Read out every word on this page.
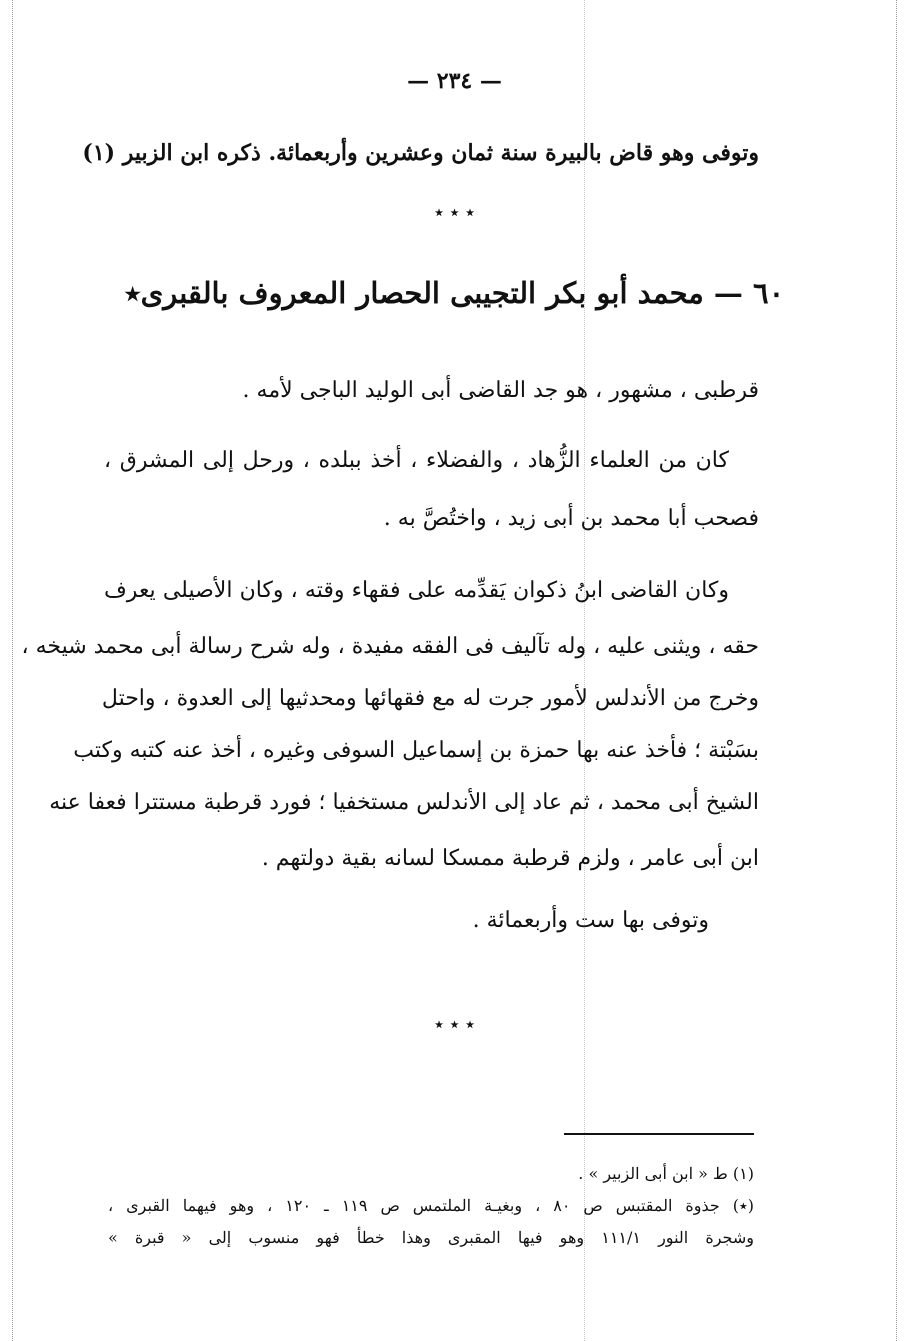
— ٢٣٤ —
وتوفى وهو قاض بالبيرة سنة ثمان وعشرين وأربعمائة. ذكره ابن الزبير (١)
٭ ٭ ٭
٦٠ — محمد أبو بكر التجيبى الحصار المعروف بالقبرى٭
قرطبى ، مشهور ، هو جد القاضى أبى الوليد الباجى لأمه .
كان من العلماء الزُّهاد ، والفضلاء ، أخذ ببلده ، ورحل إلى المشرق ،
فصحب أبا محمد بن أبى زيد ، واختُصَّ به .
وكان القاضى ابنُ ذكوان يَقدِّمه على فقهاء وقته ، وكان الأصيلى يعرف
حقه ، ويثنى عليه ، وله تآليف فى الفقه مفيدة ، وله شرح رسالة أبى محمد شيخه ،
وخرج من الأندلس لأمور جرت له مع فقهائها ومحدثيها إلى العدوة ، واحتل
بسَبْتة ؛ فأخذ عنه بها حمزة بن إسماعيل السوفى وغيره ، أخذ عنه كتبه وكتب
الشيخ أبى محمد ، ثم عاد إلى الأندلس مستخفيا ؛ فورد قرطبة مستترا فعفا عنه
ابن أبى عامر ، ولزم قرطبة ممسكا لسانه بقية دولتهم .
وتوفى بها ست وأربعمائة .
٭ ٭ ٭
(١) ط « ابن أبى الزبير » .
(٭) جذوة المقتبس ص ٨٠ ، وبغيـة الملتمس ص ١١٩ ـ ١٢٠ ، وهو فيهما القبرى ،
وشجرة النور ١١١/١ وهو فيها المقبرى وهذا خطأ فهو منسوب إلى « قبرة »
